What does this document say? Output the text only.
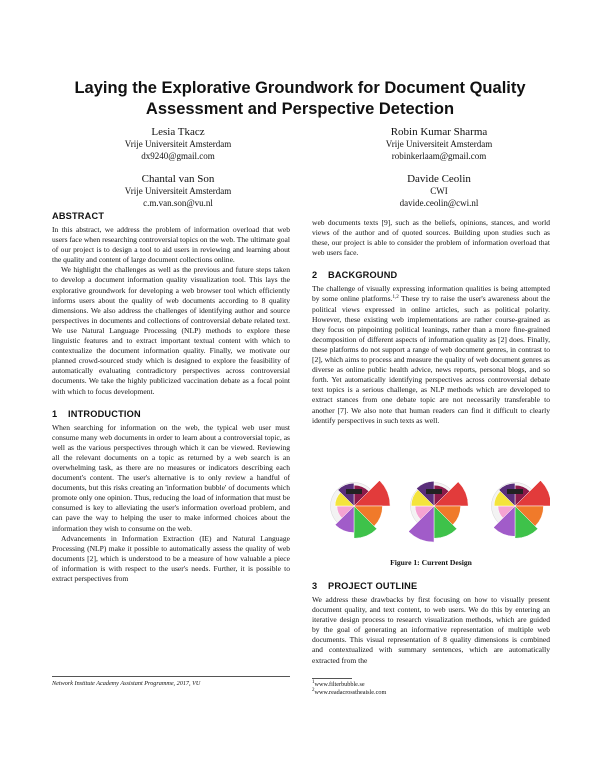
Laying the Explorative Groundwork for Document Quality
Assessment and Perspective Detection
Lesia Tkacz
Vrije Universiteit Amsterdam
dx9240@gmail.com
Robin Kumar Sharma
Vrije Universiteit Amsterdam
robinkerlaam@gmail.com
Chantal van Son
Vrije Universiteit Amsterdam
c.m.van.son@vu.nl
Davide Ceolin
CWI
davide.ceolin@cwi.nl
ABSTRACT

In this abstract, we address the problem of information overload that web users face when researching controversial topics on the web. The ultimate goal of our project is to design a tool to aid users in reviewing and learning about the quality and content of large document collections online.

We highlight the challenges as well as the previous and future steps taken to develop a document information quality visualization tool. This lays the explorative groundwork for developing a web browser tool which efficiently informs users about the quality of web documents according to 8 quality dimensions. We also address the challenges of identifying author and source perspectives in documents and collections of controversial debate related text. We use Natural Language Processing (NLP) methods to explore these linguistic features and to extract important textual content with which to contextualize the document information quality. Finally, we motivate our planned crowd-sourced study which is designed to explore the feasibility of automatically evaluating contradictory perspectives across controversial documents. We take the highly publicized vaccination debate as a focal point with which to focus development.

1 INTRODUCTION

When searching for information on the web, the typical web user must consume many web documents in order to learn about a controversial topic, as well as the various perspectives through which it can be viewed. Reviewing all the relevant documents on a topic as returned by a web search is an overwhelming task, as there are no measures or indicators describing each document's content. The user's alternative is to only review a handful of documents, but this risks creating an 'information bubble' of documents which promote only one opinion. Thus, reducing the load of information that must be consumed is key to alleviating the user's information overload problem, and can pave the way to helping the user to make informed choices about the information they wish to consume on the web.

Advancements in Information Extraction (IE) and Natural Language Processing (NLP) make it possible to automatically assess the quality of web documents [2], which is understood to be a measure of how valuable a piece of information is with respect to the user's needs. Further, it is possible to extract perspectives from

Network Institute Academy Assistant Programme, 2017, VU

web documents texts [9], such as the beliefs, opinions, stances, and world views of the author and of quoted sources. Building upon studies such as these, our project is able to consider the problem of information overload that web users face.

2 BACKGROUND

The challenge of visually expressing information qualities is being attempted by some online platforms.$^{1,2}$ These try to raise the user's awareness about the political views expressed in online articles, such as political polarity. However, these existing web implementations are rather course-grained as they focus on pinpointing political leanings, rather than a more fine-grained decomposition of different aspects of information quality as [2] does. Finally, these platforms do not support a range of web document genres, in contrast to [2], which aims to process and measure the quality of web document genres as diverse as online public health advice, news reports, personal blogs, and so forth. Yet automatically identifying perspectives across controversial debate text topics is a serious challenge, as NLP methods which are developed to extract stances from one debate topic are not necessarily transferable to another [7]. We also note that human readers can find it difficult to clearly identify perspectives in such texts as well.

Figure 1: Current Design
3 PROJECT OUTLINE

We address these drawbacks by first focusing on how to visually present document quality, and text content, to web users. We do this by entering an iterative design process to research visualization methods, which are guided by the goal of generating an informative representation of multiple web documents. This visual representation of 8 quality dimensions is combined and contextualized with summary sentences, which are automatically extracted from the

$^1$www.filterbubble.se
$^2$www.readacrosstheaisle.com
